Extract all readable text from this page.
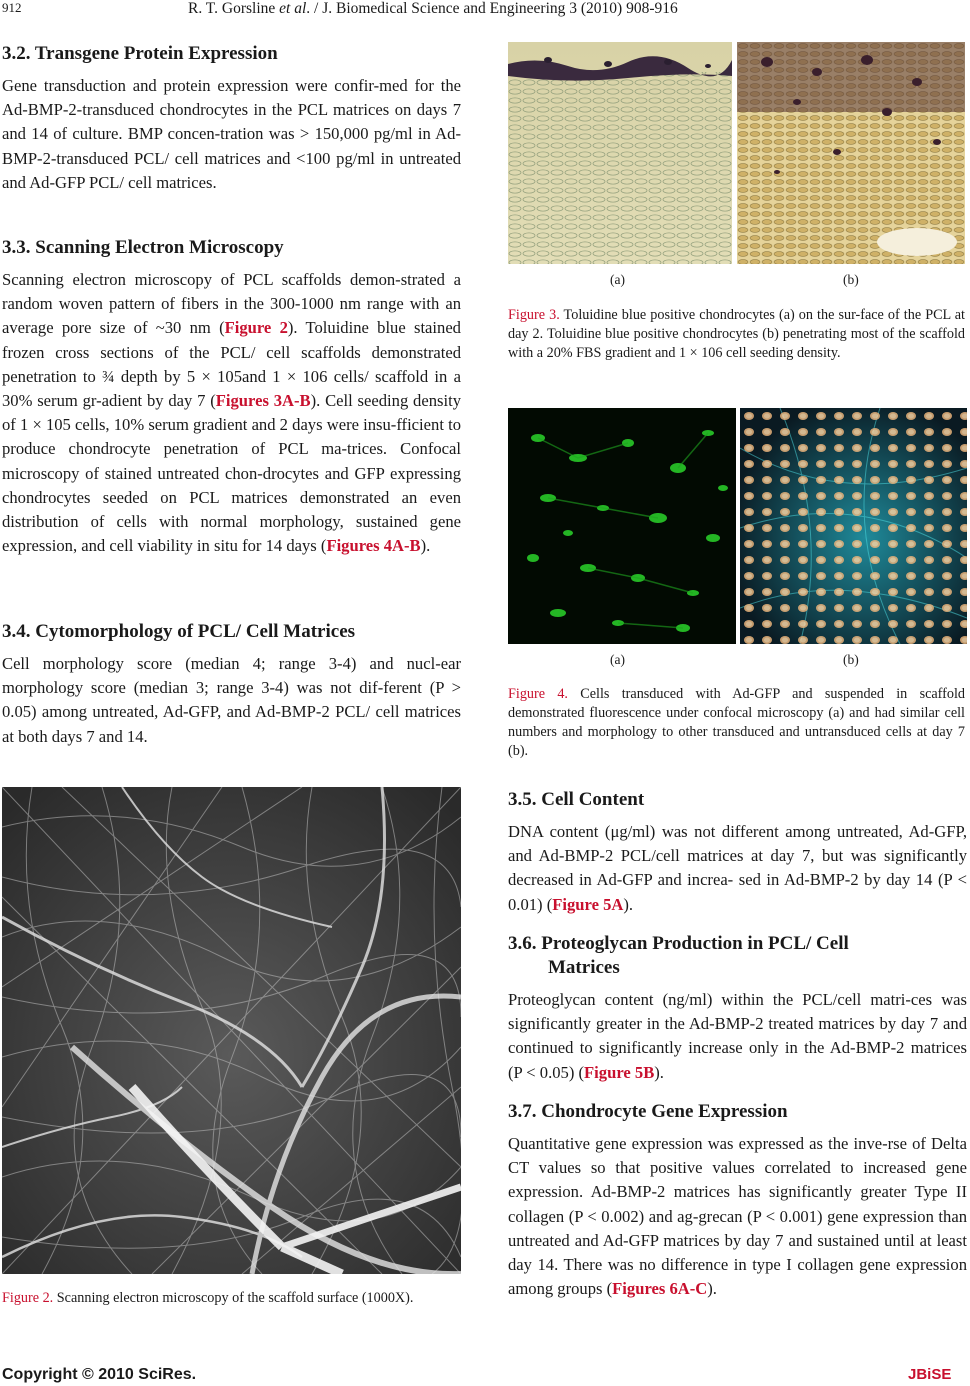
912	R. T. Gorsline et al. / J. Biomedical Science and Engineering 3 (2010) 908-916
3.2. Transgene Protein Expression

Gene transduction and protein expression were confir-med for the Ad-BMP-2-transduced chondrocytes in the PCL matrices on days 7 and 14 of culture. BMP concen-tration was > 150,000 pg/ml in Ad-BMP-2-transduced PCL/ cell matrices and <100 pg/ml in untreated and Ad-GFP PCL/ cell matrices.

3.3. Scanning Electron Microscopy

Scanning electron microscopy of PCL scaffolds demon-strated a random woven pattern of fibers in the 300-1000 nm range with an average pore size of ~30 nm (Figure 2). Toluidine blue stained frozen cross sections of the PCL/ cell scaffolds demonstrated penetration to ¾ depth by 5 × 105and 1 × 106 cells/ scaffold in a 30% serum gr-adient by day 7 (Figures 3A-B). Cell seeding density of 1 × 105 cells, 10% serum gradient and 2 days were insu-fficient to produce chondrocyte penetration of PCL ma-trices. Confocal microscopy of stained untreated chon-drocytes and GFP expressing chondrocytes seeded on PCL matrices demonstrated an even distribution of cells with normal morphology, sustained gene expression, and cell viability in situ for 14 days (Figures 4A-B).

3.4. Cytomorphology of PCL/ Cell Matrices

Cell morphology score (median 4; range 3-4) and nucl-ear morphology score (median 3; range 3-4) was not dif-ferent (P > 0.05) among untreated, Ad-GFP, and Ad-BMP-2 PCL/ cell matrices at both days 7 and 14.

Figure 2. Scanning electron microscopy of the scaffold surface (1000X).

(a)	(b)

Figure 3. Toluidine blue positive chondrocytes (a) on the sur-face of the PCL at day 2. Toluidine blue positive chondrocytes (b) penetrating most of the scaffold with a 20% FBS gradient and 1 × 106 cell seeding density.

(a)	(b)

Figure 4. Cells transduced with Ad-GFP and suspended in scaffold demonstrated fluorescence under confocal microscopy (a) and had similar cell numbers and morphology to other transduced and untransduced cells at day 7 (b).

3.5. Cell Content

DNA content (μg/ml) was not different among untreated, Ad-GFP, and Ad-BMP-2 PCL/cell matrices at day 7, but was significantly decreased in Ad-GFP and increa- sed in Ad-BMP-2 by day 14 (P < 0.01) (Figure 5A).

3.6. Proteoglycan Production in PCL/ Cell
Matrices

Proteoglycan content (ng/ml) within the PCL/cell matri-ces was significantly greater in the Ad-BMP-2 treated matrices by day 7 and continued to significantly increase only in the Ad-BMP-2 matrices (P < 0.05) (Figure 5B).

3.7. Chondrocyte Gene Expression

Quantitative gene expression was expressed as the inve-rse of Delta CT values so that positive values correlated to increased gene expression. Ad-BMP-2 matrices has significantly greater Type II collagen (P < 0.002) and ag-grecan (P < 0.001) gene expression than untreated and Ad-GFP matrices by day 7 and sustained until at least day 14. There was no difference in type I collagen gene expression among groups (Figures 6A-C).

Copyright © 2010 SciRes.	JBiSE
